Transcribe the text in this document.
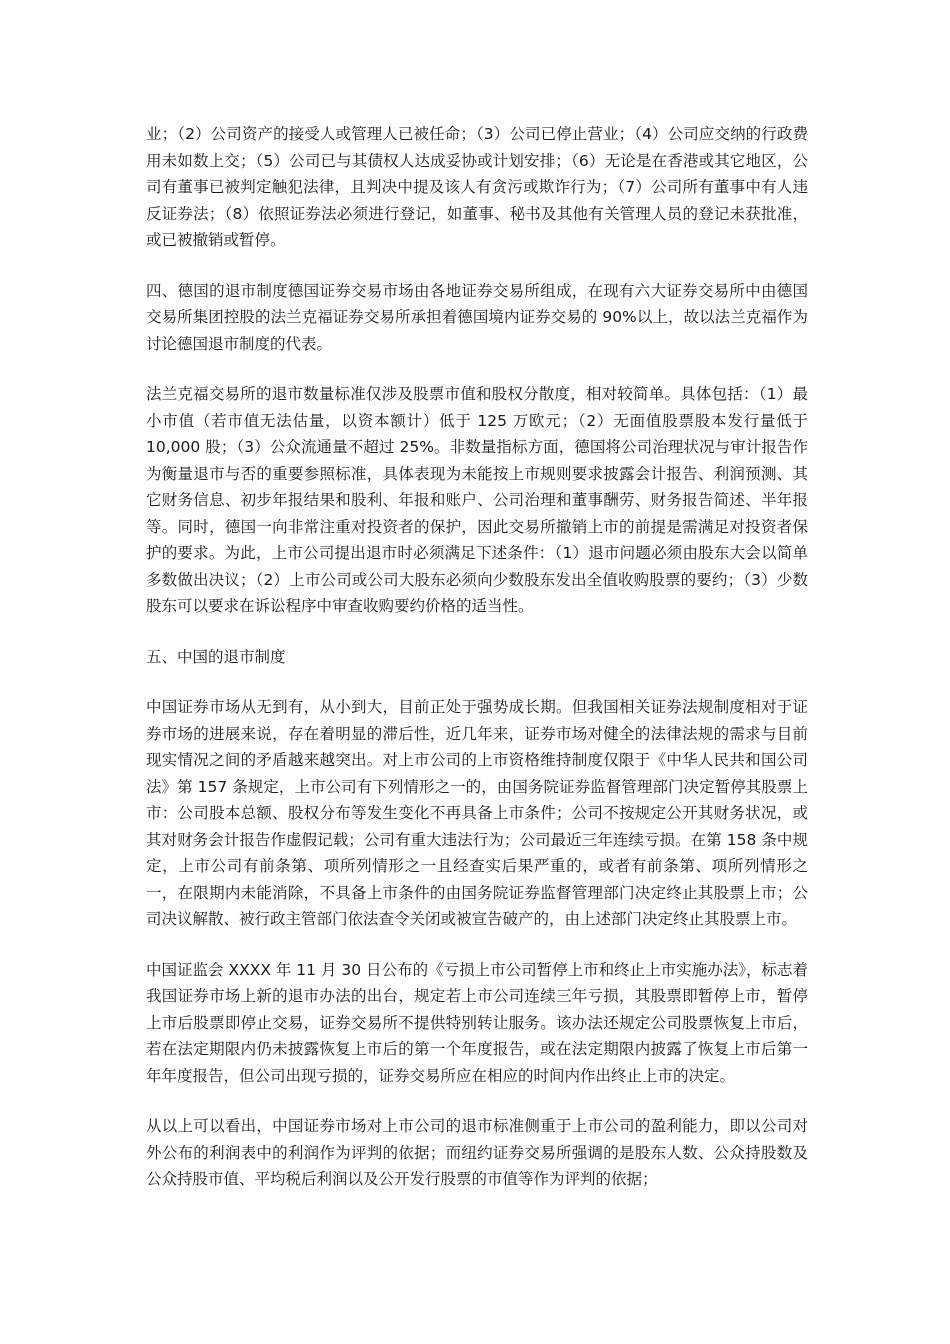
业；（2）公司资产的接受人或管理人已被任命；（3）公司已停止营业；（4）公司应交纳的行政费用未如数上交；（5）公司已与其债权人达成妥协或计划安排；（6）无论是在香港或其它地区，公司有董事已被判定触犯法律，且判决中提及该人有贪污或欺诈行为；（7）公司所有董事中有人违反证券法；（8）依照证券法必须进行登记，如董事、秘书及其他有关管理人员的登记未获批准，或已被撤销或暂停。

四、德国的退市制度德国证券交易市场由各地证券交易所组成，在现有六大证券交易所中由德国交易所集团控股的法兰克福证券交易所承担着德国境内证券交易的 90%以上，故以法兰克福作为讨论德国退市制度的代表。

法兰克福交易所的退市数量标准仅涉及股票市值和股权分散度，相对较简单。具体包括：（1）最小市值（若市值无法估量，以资本额计）低于 125 万欧元；（2）无面值股票股本发行量低于 10,000 股；（3）公众流通量不超过 25%。非数量指标方面，德国将公司治理状况与审计报告作为衡量退市与否的重要参照标准，具体表现为未能按上市规则要求披露会计报告、利润预测、其它财务信息、初步年报结果和股利、年报和账户、公司治理和董事酬劳、财务报告简述、半年报等。同时，德国一向非常注重对投资者的保护，因此交易所撤销上市的前提是需满足对投资者保护的要求。为此，上市公司提出退市时必须满足下述条件：（1）退市问题必须由股东大会以简单多数做出决议；（2）上市公司或公司大股东必须向少数股东发出全值收购股票的要约；（3）少数股东可以要求在诉讼程序中审查收购要约价格的适当性。

五、中国的退市制度

中国证券市场从无到有，从小到大，目前正处于强势成长期。但我国相关证券法规制度相对于证券市场的进展来说，存在着明显的滞后性，近几年来，证券市场对健全的法律法规的需求与目前现实情况之间的矛盾越来越突出。对上市公司的上市资格维持制度仅限于《中华人民共和国公司法》第 157 条规定，上市公司有下列情形之一的，由国务院证券监督管理部门决定暂停其股票上市：公司股本总额、股权分布等发生变化不再具备上市条件；公司不按规定公开其财务状况，或其对财务会计报告作虚假记载；公司有重大违法行为；公司最近三年连续亏损。在第 158 条中规定，上市公司有前条第、项所列情形之一且经查实后果严重的，或者有前条第、项所列情形之一，在限期内未能消除，不具备上市条件的由国务院证券监督管理部门决定终止其股票上市；公司决议解散、被行政主管部门依法查令关闭或被宣告破产的，由上述部门决定终止其股票上市。

中国证监会 XXXX 年 11 月 30 日公布的《亏损上市公司暂停上市和终止上市实施办法》，标志着我国证券市场上新的退市办法的出台，规定若上市公司连续三年亏损，其股票即暂停上市，暂停上市后股票即停止交易，证券交易所不提供特别转让服务。该办法还规定公司股票恢复上市后，若在法定期限内仍未披露恢复上市后的第一个年度报告，或在法定期限内披露了恢复上市后第一年年度报告，但公司出现亏损的，证券交易所应在相应的时间内作出终止上市的决定。

从以上可以看出，中国证券市场对上市公司的退市标准侧重于上市公司的盈利能力，即以公司对外公布的利润表中的利润作为评判的依据；而纽约证券交易所强调的是股东人数、公众持股数及公众持股市值、平均税后利润以及公开发行股票的市值等作为评判的依据；
